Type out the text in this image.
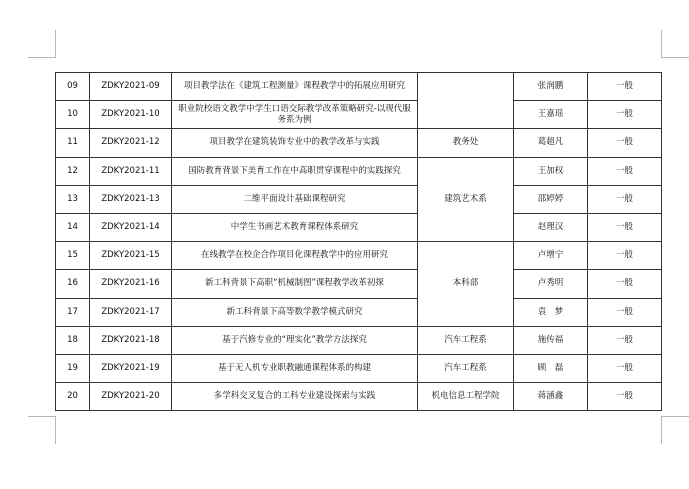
09	ZDKY2021-09	项目教学法在《建筑工程测量》课程教学中的拓展应用研究		张润鹏	一般
10	ZDKY2021-10	职业院校语文教学中学生口语交际教学改革策略研究-以现代服务系为例		王嘉瑶	一般
11	ZDKY2021-12	项目教学在建筑装饰专业中的教学改革与实践	教务处	葛超凡	一般
12	ZDKY2021-11	国防教育背景下美育工作在中高职贯穿课程中的实践探究	建筑艺术系	王加权	一般
13	ZDKY2021-13	二维平面设计基础课程研究		邵婷婷	一般
14	ZDKY2021-14	中学生书画艺术教育课程体系研究		赵理汉	一般
15	ZDKY2021-15	在线教学在校企合作项目化课程教学中的应用研究	本科部	卢增宁	一般
16	ZDKY2021-16	新工科背景下高职“机械制图”课程教学改革初探		卢秀明	一般
17	ZDKY2021-17	新工科背景下高等数学教学模式研究		袁　梦	一般
18	ZDKY2021-18	基于汽修专业的“理实化”教学方法探究	汽车工程系	施传福	一般
19	ZDKY2021-19	基于无人机专业职教融通课程体系的构建	汽车工程系	顾　磊	一般
20	ZDKY2021-20	多学科交叉复合的工科专业建设探索与实践	机电信息工程学院	蒋涵鑫	一般
